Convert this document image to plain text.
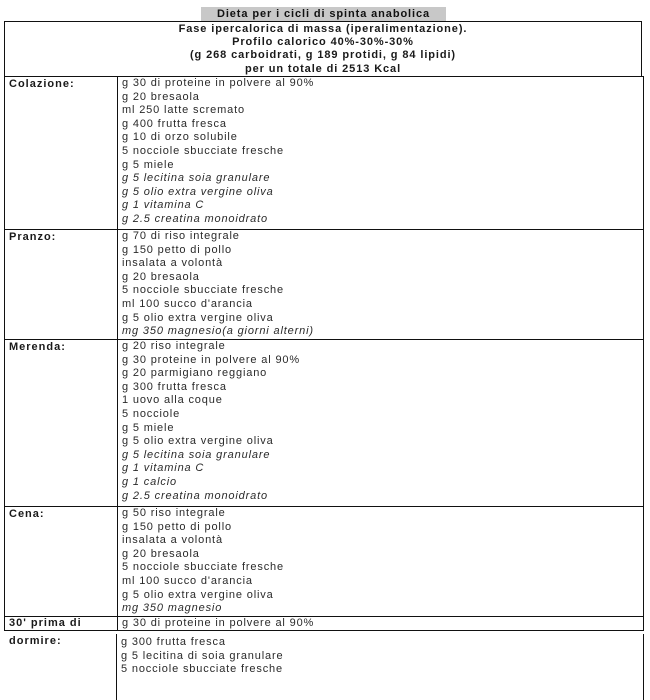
Dieta per i cicli di spinta anabolica
Fase ipercalorica di massa (iperalimentazione).
Profilo calorico 40%-30%-30%
(g 268 carboidrati, g 189 protidi, g 84 lipidi)
per un totale di 2513 Kcal
Colazione:	g 30 di proteine in polvere al 90%
g 20 bresaola
ml 250 latte scremato
g 400 frutta fresca
g 10 di orzo solubile
5 nocciole sbucciate fresche
g 5 miele
g 5 lecitina soia granulare
g 5 olio extra vergine oliva
g 1 vitamina C
g 2.5 creatina monoidrato
Pranzo:	g 70 di riso integrale
g 150 petto di pollo
insalata a volontà
g 20 bresaola
5 nocciole sbucciate fresche
ml 100 succo d'arancia
g 5 olio extra vergine oliva
mg 350 magnesio(a giorni alterni)
Merenda:	g 20 riso integrale
g 30 proteine in polvere al 90%
g 20 parmigiano reggiano
g 300 frutta fresca
1 uovo alla coque
5 nocciole
g 5 miele
g 5 olio extra vergine oliva
g 5 lecitina soia granulare
g 1 vitamina C
g 1 calcio
g 2.5 creatina monoidrato
Cena:	g 50 riso integrale
g 150 petto di pollo
insalata a volontà
g 20 bresaola
5 nocciole sbucciate fresche
ml 100 succo d'arancia
g 5 olio extra vergine oliva
mg 350 magnesio
30' prima di	g 30 di proteine in polvere al 90%
dormire:	g 300 frutta fresca
g 5 lecitina di soia granulare
5 nocciole sbucciate fresche
